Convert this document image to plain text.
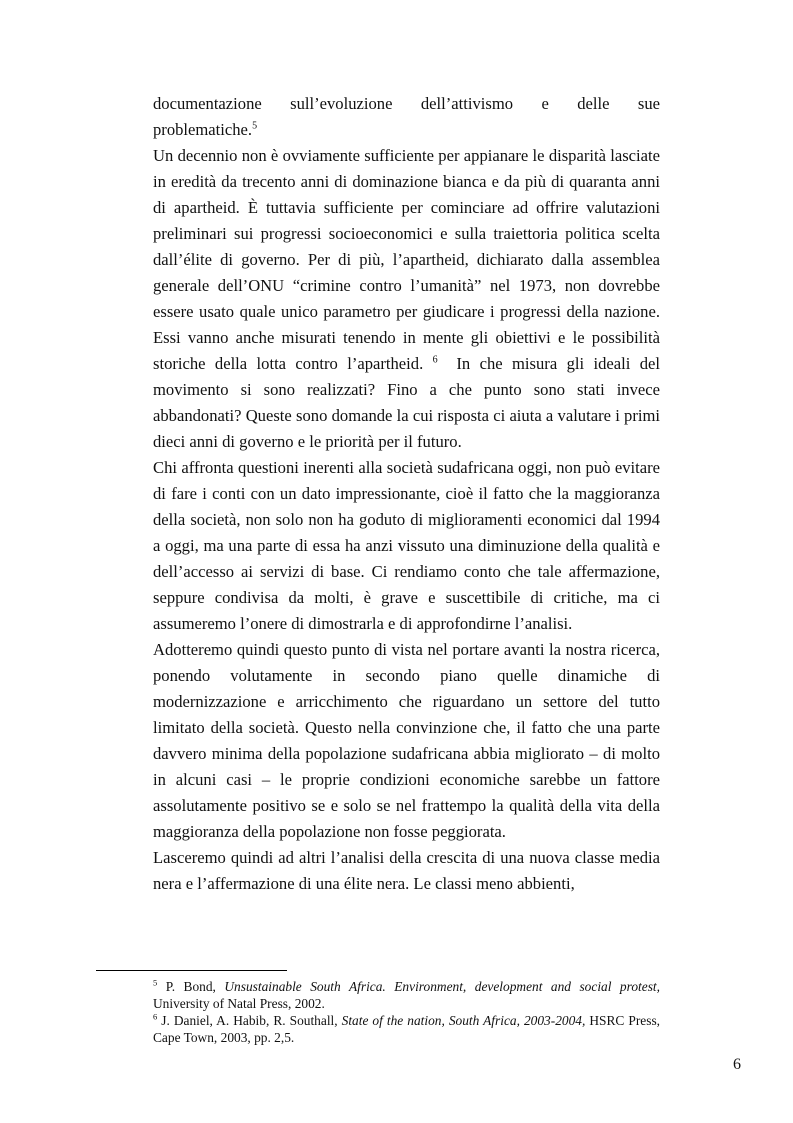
documentazione sull’evoluzione dell’attivismo e delle sue

problematiche.$^5$

Un decennio non è ovviamente sufficiente per appianare le disparità lasciate in eredità da trecento anni di dominazione bianca e da più di quaranta anni di apartheid. È tuttavia sufficiente per cominciare ad offrire valutazioni preliminari sui progressi socioeconomici e sulla traiettoria politica scelta dall’élite di governo. Per di più, l’apartheid, dichiarato dalla assemblea generale dell’ONU “crimine contro l’umanità” nel 1973, non dovrebbe essere usato quale unico parametro per giudicare i progressi della nazione. Essi vanno anche misurati tenendo in mente gli obiettivi e le possibilità storiche della lotta contro l’apartheid. $^6$ In che misura gli ideali del movimento si sono realizzati? Fino a che punto sono stati invece abbandonati? Queste sono domande la cui risposta ci aiuta a valutare i primi dieci anni di governo e le priorità per il futuro.

Chi affronta questioni inerenti alla società sudafricana oggi, non può evitare di fare i conti con un dato impressionante, cioè il fatto che la maggioranza della società, non solo non ha goduto di miglioramenti economici dal 1994 a oggi, ma una parte di essa ha anzi vissuto una diminuzione della qualità e dell’accesso ai servizi di base. Ci rendiamo conto che tale affermazione, seppure condivisa da molti, è grave e suscettibile di critiche, ma ci assumeremo l’onere di dimostrarla e di approfondirne l’analisi.

Adotteremo quindi questo punto di vista nel portare avanti la nostra ricerca, ponendo volutamente in secondo piano quelle dinamiche di modernizzazione e arricchimento che riguardano un settore del tutto limitato della società. Questo nella convinzione che, il fatto che una parte davvero minima della popolazione sudafricana abbia migliorato – di molto in alcuni casi – le proprie condizioni economiche sarebbe un fattore assolutamente positivo se e solo se nel frattempo la qualità della vita della maggioranza della popolazione non fosse peggiorata.

Lasceremo quindi ad altri l’analisi della crescita di una nuova classe media nera e l’affermazione di una élite nera. Le classi meno abbienti,

$^5$ P. Bond, Unsustainable South Africa. Environment, development and social protest, University of Natal Press, 2002.

$^6$ J. Daniel, A. Habib, R. Southall, State of the nation, South Africa, 2003-2004, HSRC Press, Cape Town, 2003, pp. 2,5.

6
